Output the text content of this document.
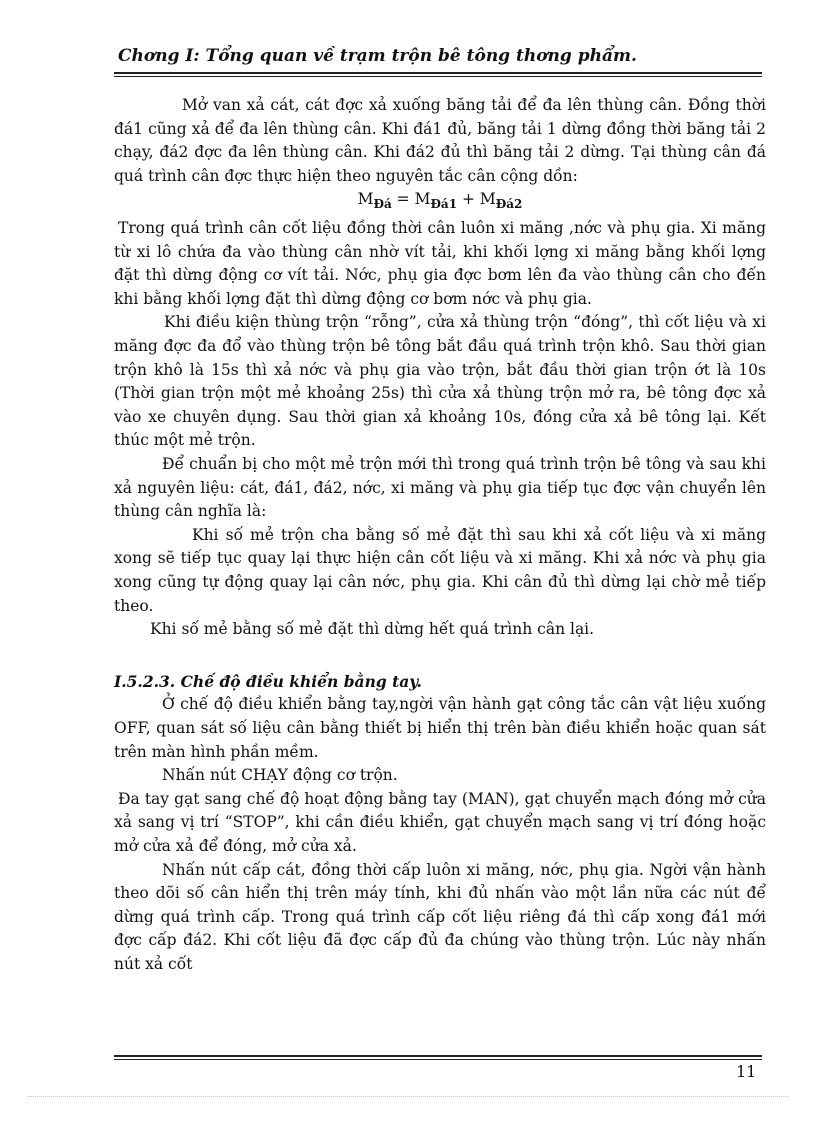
Chơng I: Tổng quan về trạm trộn bê tông thơng phẩm.

Mở van xả cát, cát đợc xả xuống băng tải để đa lên thùng cân. Đồng thời đá1 cũng xả để đa lên thùng cân. Khi đá1 đủ, băng tải 1 dừng đồng thời băng tải 2 chạy, đá2 đợc đa lên thùng cân. Khi đá2 đủ thì băng tải 2 dừng. Tại thùng cân đá quá trình cân đợc thực hiện theo nguyên tắc cân cộng dồn:

$M_{Đá} = M_{Đá1} + M_{Đá2}$

Trong quá trình cân cốt liệu đồng thời cân luôn xi măng ,nớc và phụ gia. Xi măng từ xi lô chứa đa vào thùng cân nhờ vít tải, khi khối lợng xi măng bằng khối lợng đặt thì dừng động cơ vít tải. Nớc, phụ gia đợc bơm lên đa vào thùng cân cho đến khi bằng khối lợng đặt thì dừng động cơ bơm nớc và phụ gia.

Khi điều kiện thùng trộn “rỗng”, cửa xả thùng trộn “đóng”, thì cốt liệu và xi măng đợc đa đổ vào thùng trộn bê tông bắt đầu quá trình trộn khô. Sau thời gian trộn khô là 15s thì xả nớc và phụ gia vào trộn, bắt đầu thời gian trộn ớt là 10s (Thời gian trộn một mẻ khoảng 25s) thì cửa xả thùng trộn mở ra, bê tông đợc xả vào xe chuyên dụng. Sau thời gian xả khoảng 10s, đóng cửa xả bê tông lại. Kết thúc một mẻ trộn.

Để chuẩn bị cho một mẻ trộn mới thì trong quá trình trộn bê tông và sau khi xả nguyên liệu: cát, đá1, đá2, nớc, xi măng và phụ gia tiếp tục đợc vận chuyển lên thùng cân nghĩa là:

Khi số mẻ trộn cha bằng số mẻ đặt thì sau khi xả cốt liệu và xi măng xong sẽ tiếp tục quay lại thực hiện cân cốt liệu và xi măng. Khi xả nớc và phụ gia xong cũng tự động quay lại cân nớc, phụ gia. Khi cân đủ thì dừng lại chờ mẻ tiếp theo.

Khi số mẻ bằng số mẻ đặt thì dừng hết quá trình cân lại.

I.5.2.3. Chế độ điều khiển bằng tay.

Ở chế độ điều khiển bằng tay,ngời vận hành gạt công tắc cân vật liệu xuống OFF, quan sát số liệu cân bằng thiết bị hiển thị trên bàn điều khiển hoặc quan sát trên màn hình phần mềm.

Nhấn nút CHẠY động cơ trộn.

Đa tay gạt sang chế độ hoạt động bằng tay (MAN), gạt chuyển mạch đóng mở cửa xả sang vị trí “STOP”, khi cần điều khiển, gạt chuyển mạch sang vị trí đóng hoặc mở cửa xả để đóng, mở cửa xả.

Nhấn nút cấp cát, đồng thời cấp luôn xi măng, nớc, phụ gia. Ngời vận hành theo dõi số cân hiển thị trên máy tính, khi đủ nhấn vào một lần nữa các nút để dừng quá trình cấp. Trong quá trình cấp cốt liệu riêng đá thì cấp xong đá1 mới đợc cấp đá2. Khi cốt liệu đã đợc cấp đủ đa chúng vào thùng trộn. Lúc này nhấn nút xả cốt

11
